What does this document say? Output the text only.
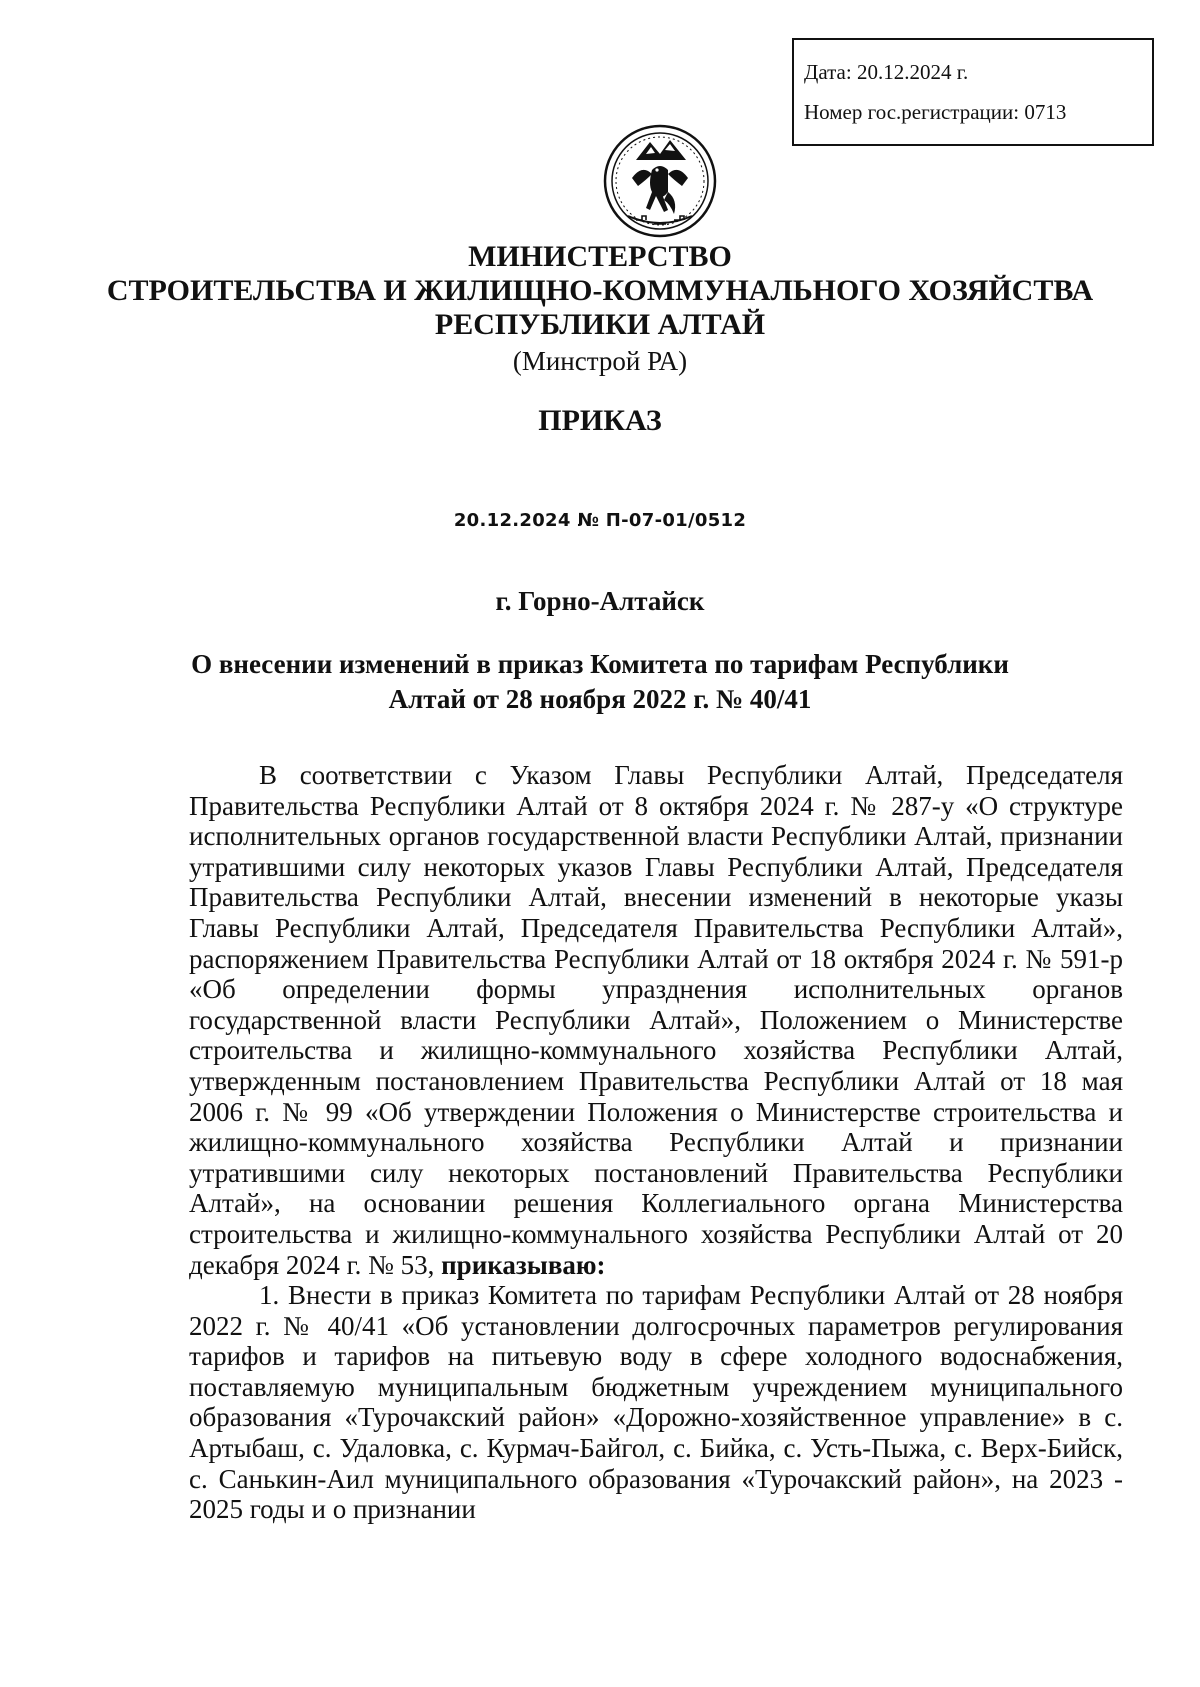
Дата: 20.12.2024 г.
Номер гос.регистрации: 0713
МИНИСТЕРСТВО
СТРОИТЕЛЬСТВА И ЖИЛИЩНО-КОММУНАЛЬНОГО ХОЗЯЙСТВА
РЕСПУБЛИКИ АЛТАЙ
(Минстрой РА)
ПРИКАЗ
20.12.2024 № П-07-01/0512
г. Горно-Алтайск
О внесении изменений в приказ Комитета по тарифам Республики
Алтай от 28 ноября 2022 г. № 40/41

В соответствии с Указом Главы Республики Алтай, Председателя Правительства Республики Алтай от 8 октября 2024 г. № 287-у «О структуре исполнительных органов государственной власти Республики Алтай, признании утратившими силу некоторых указов Главы Республики Алтай, Председателя Правительства Республики Алтай, внесении изменений в некоторые указы Главы Республики Алтай, Председателя Правительства Республики Алтай», распоряжением Правительства Республики Алтай от 18 октября 2024 г. № 591-р «Об определении формы упразднения исполнительных органов государственной власти Республики Алтай», Положением о Министерстве строительства и жилищно-коммунального хозяйства Республики Алтай, утвержденным постановлением Правительства Республики Алтай от 18 мая 2006 г. № 99 «Об утверждении Положения о Министерстве строительства и жилищно-коммунального хозяйства Республики Алтай и признании утратившими силу некоторых постановлений Правительства Республики Алтай», на основании решения Коллегиального органа Министерства строительства и жилищно-коммунального хозяйства Республики Алтай от 20 декабря 2024 г. № 53, приказываю:

1. Внести в приказ Комитета по тарифам Республики Алтай от 28 ноября 2022 г. № 40/41 «Об установлении долгосрочных параметров регулирования тарифов и тарифов на питьевую воду в сфере холодного водоснабжения, поставляемую муниципальным бюджетным учреждением муниципального образования «Турочакский район» «Дорожно-хозяйственное управление» в с. Артыбаш, с. Удаловка, с. Курмач-Байгол, с. Бийка, с. Усть-Пыжа, с. Верх-Бийск, с. Санькин-Аил муниципального образования «Турочакский район», на 2023 - 2025 годы и о признании
